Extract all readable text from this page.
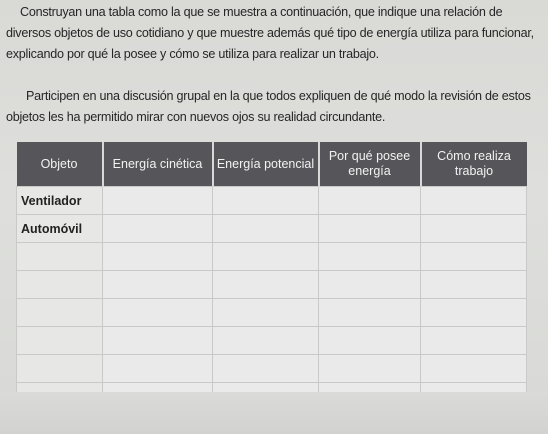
Construyan una tabla como la que se muestra a continuación, que indique una relación de diversos objetos de uso cotidiano y que muestre además qué tipo de energía utiliza para funcionar, explicando por qué la posee y cómo se utiliza para realizar un trabajo.
Participen en una discusión grupal en la que todos expliquen de qué modo la revisión de estos objetos les ha permitido mirar con nuevos ojos su realidad circundante.
Objeto	Energía cinética	Energía potencial	Por qué posee energía	Cómo realiza trabajo
Ventilador				
Automóvil				
